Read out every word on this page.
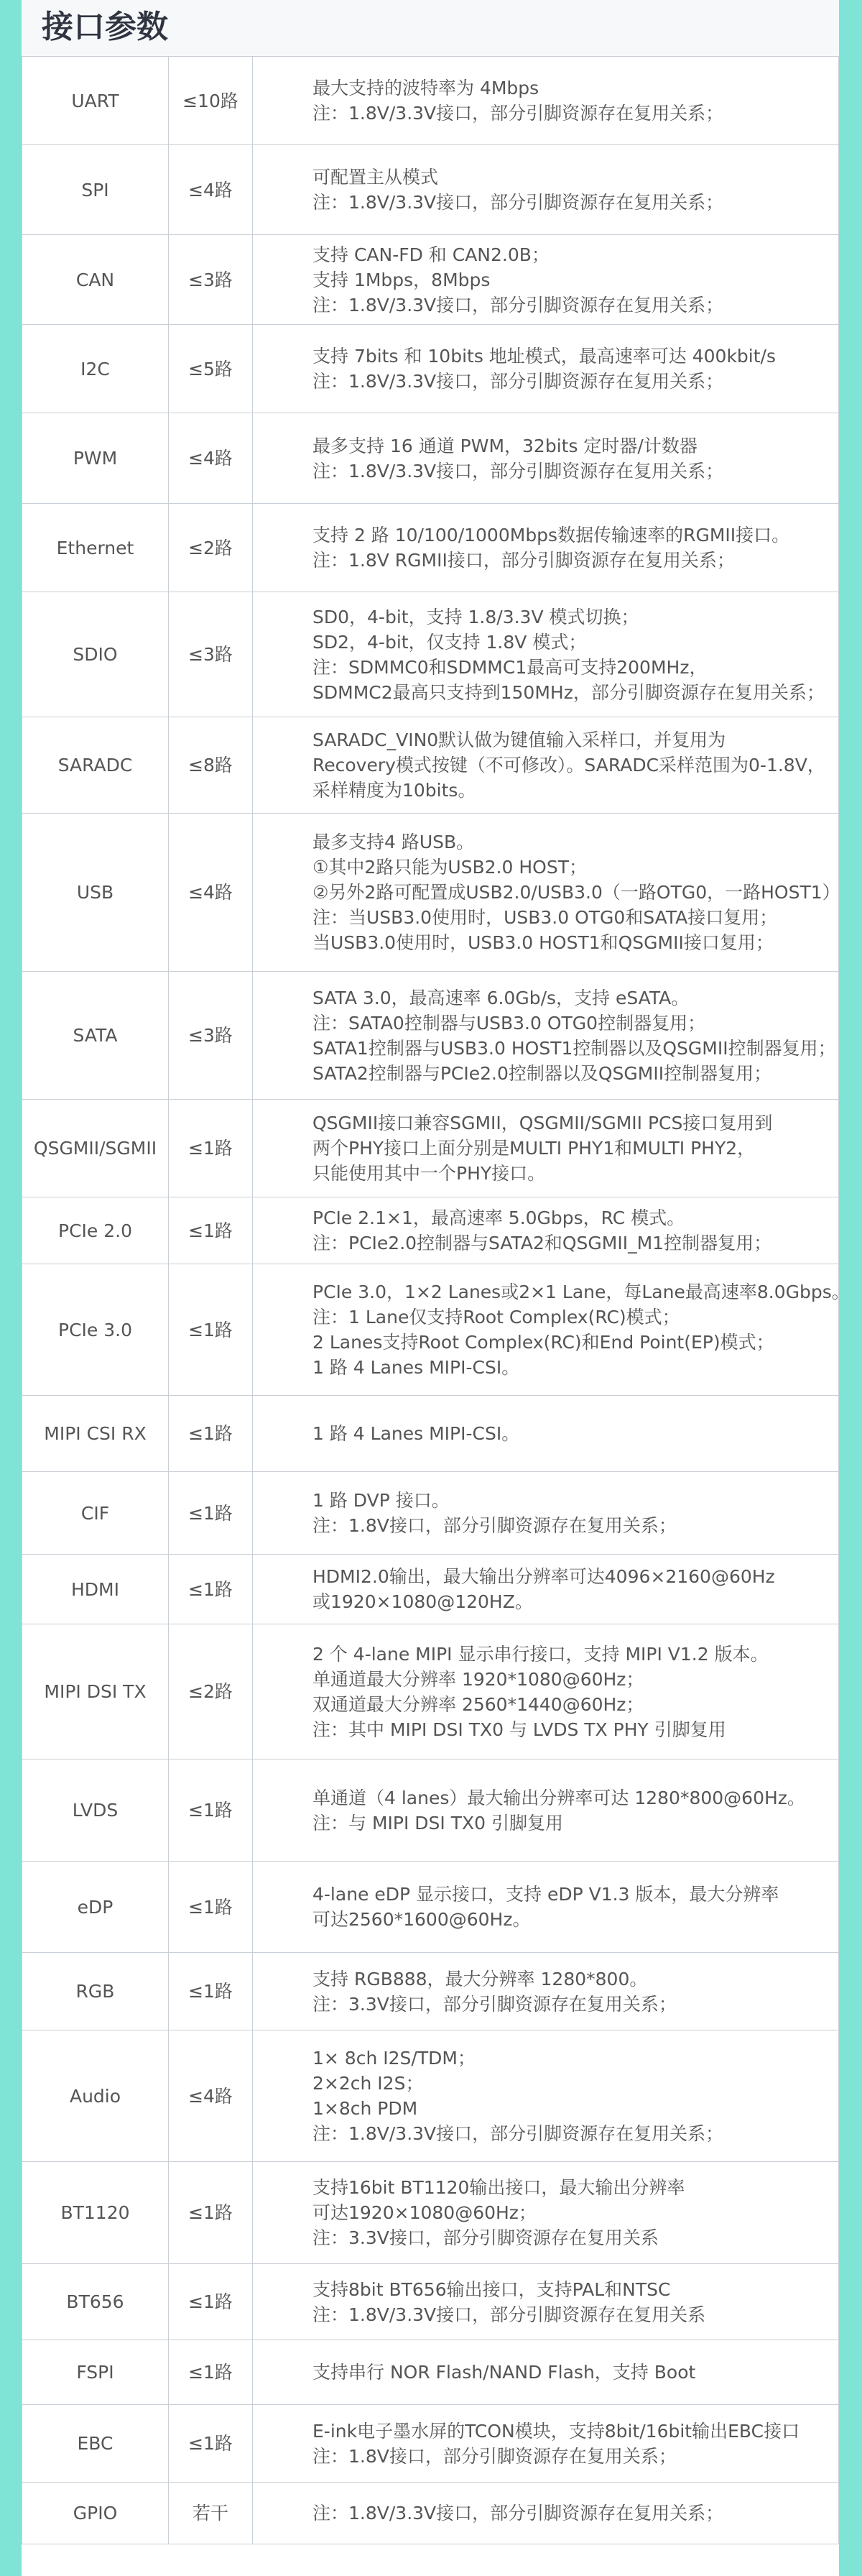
接口参数
UART	≤10路	最大支持的波特率为 4Mbps
注：1.8V/3.3V接口，部分引脚资源存在复用关系；

SPI	≤4路	可配置主从模式
注：1.8V/3.3V接口，部分引脚资源存在复用关系；

CAN	≤3路	支持 CAN-FD 和 CAN2.0B；
支持 1Mbps，8Mbps
注：1.8V/3.3V接口，部分引脚资源存在复用关系；

I2C	≤5路	支持 7bits 和 10bits 地址模式，最高速率可达 400kbit/s
注：1.8V/3.3V接口，部分引脚资源存在复用关系；

PWM	≤4路	最多支持 16 通道 PWM，32bits 定时器/计数器
注：1.8V/3.3V接口，部分引脚资源存在复用关系；

Ethernet	≤2路	支持 2 路 10/100/1000Mbps数据传输速率的RGMII接口。
注：1.8V RGMII接口，部分引脚资源存在复用关系；

SDIO	≤3路	SD0，4-bit，支持 1.8/3.3V 模式切换；
SD2，4-bit，仅支持 1.8V 模式；
注：SDMMC0和SDMMC1最高可支持200MHz，
SDMMC2最高只支持到150MHz，部分引脚资源存在复用关系；

SARADC	≤8路	SARADC_VIN0默认做为键值输入采样口，并复用为
Recovery模式按键（不可修改）。SARADC采样范围为0-1.8V，
采样精度为10bits。

USB	≤4路	最多支持4 路USB。
①其中2路只能为USB2.0 HOST；
②另外2路可配置成USB2.0/USB3.0（一路OTG0，一路HOST1）
注：当USB3.0使用时，USB3.0 OTG0和SATA接口复用；
当USB3.0使用时，USB3.0 HOST1和QSGMII接口复用；

SATA	≤3路	SATA 3.0，最高速率 6.0Gb/s，支持 eSATA。
注：SATA0控制器与USB3.0 OTG0控制器复用；
SATA1控制器与USB3.0 HOST1控制器以及QSGMII控制器复用；
SATA2控制器与PCIe2.0控制器以及QSGMII控制器复用；

QSGMII/SGMII	≤1路	QSGMII接口兼容SGMII，QSGMII/SGMII PCS接口复用到
两个PHY接口上面分别是MULTI PHY1和MULTI PHY2，
只能使用其中一个PHY接口。

PCIe 2.0	≤1路	PCIe 2.1×1，最高速率 5.0Gbps，RC 模式。
注：PCIe2.0控制器与SATA2和QSGMII_M1控制器复用；

PCIe 3.0	≤1路	PCIe 3.0，1×2 Lanes或2×1 Lane，每Lane最高速率8.0Gbps。
注：1 Lane仅支持Root Complex(RC)模式；
2 Lanes支持Root Complex(RC)和End Point(EP)模式；
1 路 4 Lanes MIPI-CSI。

MIPI CSI RX	≤1路	1 路 4 Lanes MIPI-CSI。

CIF	≤1路	1 路 DVP 接口。
注：1.8V接口，部分引脚资源存在复用关系；

HDMI	≤1路	HDMI2.0输出，最大输出分辨率可达4096×2160@60Hz
或1920×1080@120HZ。

MIPI DSI TX	≤2路	2 个 4-lane MIPI 显示串行接口，支持 MIPI V1.2 版本。
单通道最大分辨率 1920*1080@60Hz；
双通道最大分辨率 2560*1440@60Hz；
注：其中 MIPI DSI TX0 与 LVDS TX PHY 引脚复用

LVDS	≤1路	单通道（4 lanes）最大输出分辨率可达 1280*800@60Hz。
注：与 MIPI DSI TX0 引脚复用

eDP	≤1路	4-lane eDP 显示接口，支持 eDP V1.3 版本，最大分辨率
可达2560*1600@60Hz。

RGB	≤1路	支持 RGB888，最大分辨率 1280*800。
注：3.3V接口，部分引脚资源存在复用关系；

Audio	≤4路	1× 8ch I2S/TDM；
2×2ch I2S；
1×8ch PDM
注：1.8V/3.3V接口，部分引脚资源存在复用关系；

BT1120	≤1路	支持16bit BT1120输出接口，最大输出分辨率
可达1920×1080@60Hz；
注：3.3V接口，部分引脚资源存在复用关系

BT656	≤1路	支持8bit BT656输出接口，支持PAL和NTSC
注：1.8V/3.3V接口，部分引脚资源存在复用关系

FSPI	≤1路	支持串行 NOR Flash/NAND Flash，支持 Boot

EBC	≤1路	E-ink电子墨水屏的TCON模块，支持8bit/16bit输出EBC接口
注：1.8V接口，部分引脚资源存在复用关系；

GPIO	若干	注：1.8V/3.3V接口，部分引脚资源存在复用关系；
